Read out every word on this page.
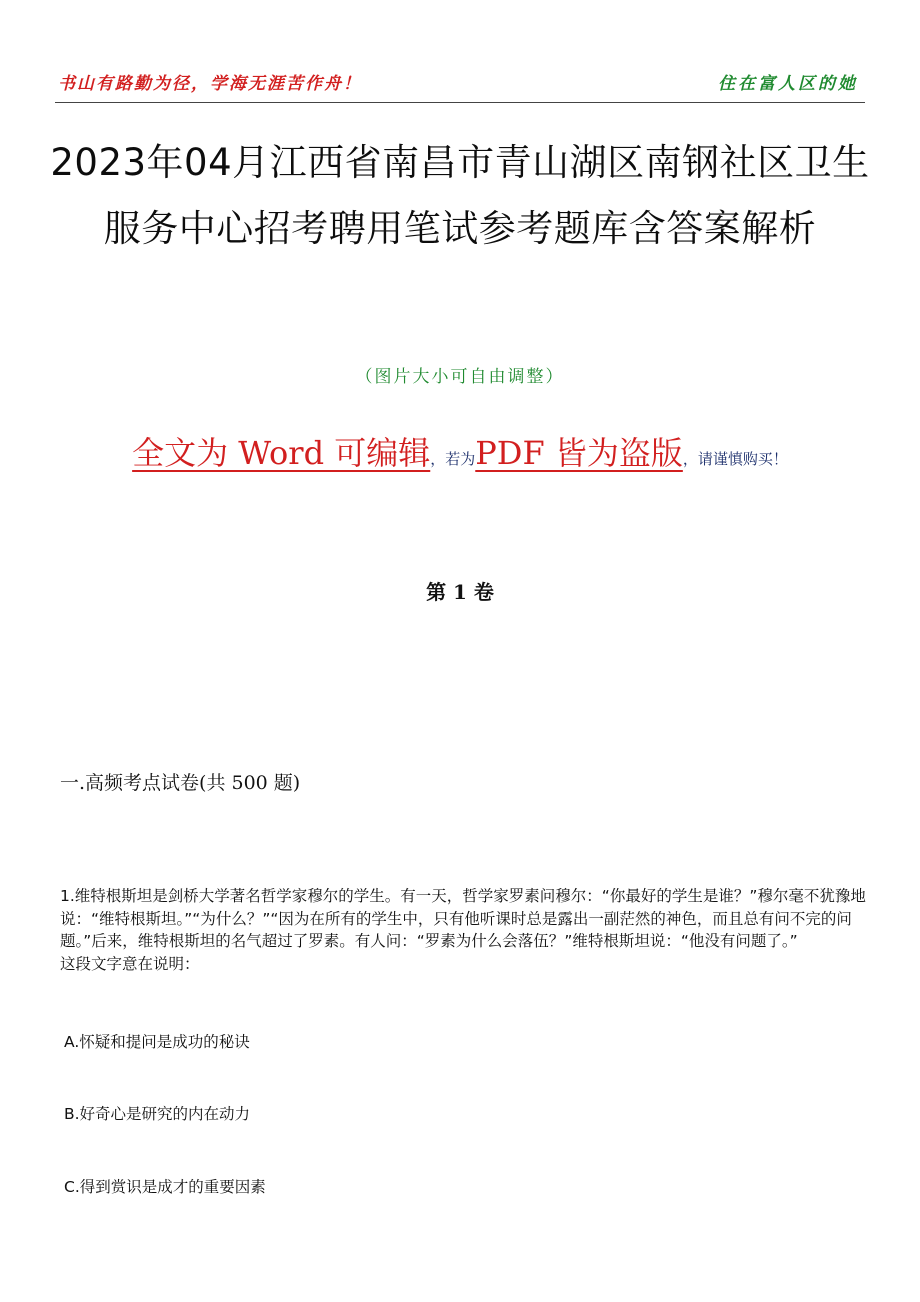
书山有路勤为径，学海无涯苦作舟！	住在富人区的她
2023年04月江西省南昌市青山湖区南钢社区卫生服务中心招考聘用笔试参考题库含答案解析
（图片大小可自由调整）
全文为 Word 可编辑，若为PDF 皆为盗版，请谨慎购买！
第 1 卷
一.高频考点试卷(共 500 题)
1.维特根斯坦是剑桥大学著名哲学家穆尔的学生。有一天，哲学家罗素问穆尔：“你最好的学生是谁？”穆尔毫不犹豫地说：“维特根斯坦。”“为什么？”“因为在所有的学生中，只有他听课时总是露出一副茫然的神色，而且总有问不完的问题。”后来，维特根斯坦的名气超过了罗素。有人问：“罗素为什么会落伍？”维特根斯坦说：“他没有问题了。”
这段文字意在说明：
A.怀疑和提问是成功的秘诀
B.好奇心是研究的内在动力
C.得到赏识是成才的重要因素
